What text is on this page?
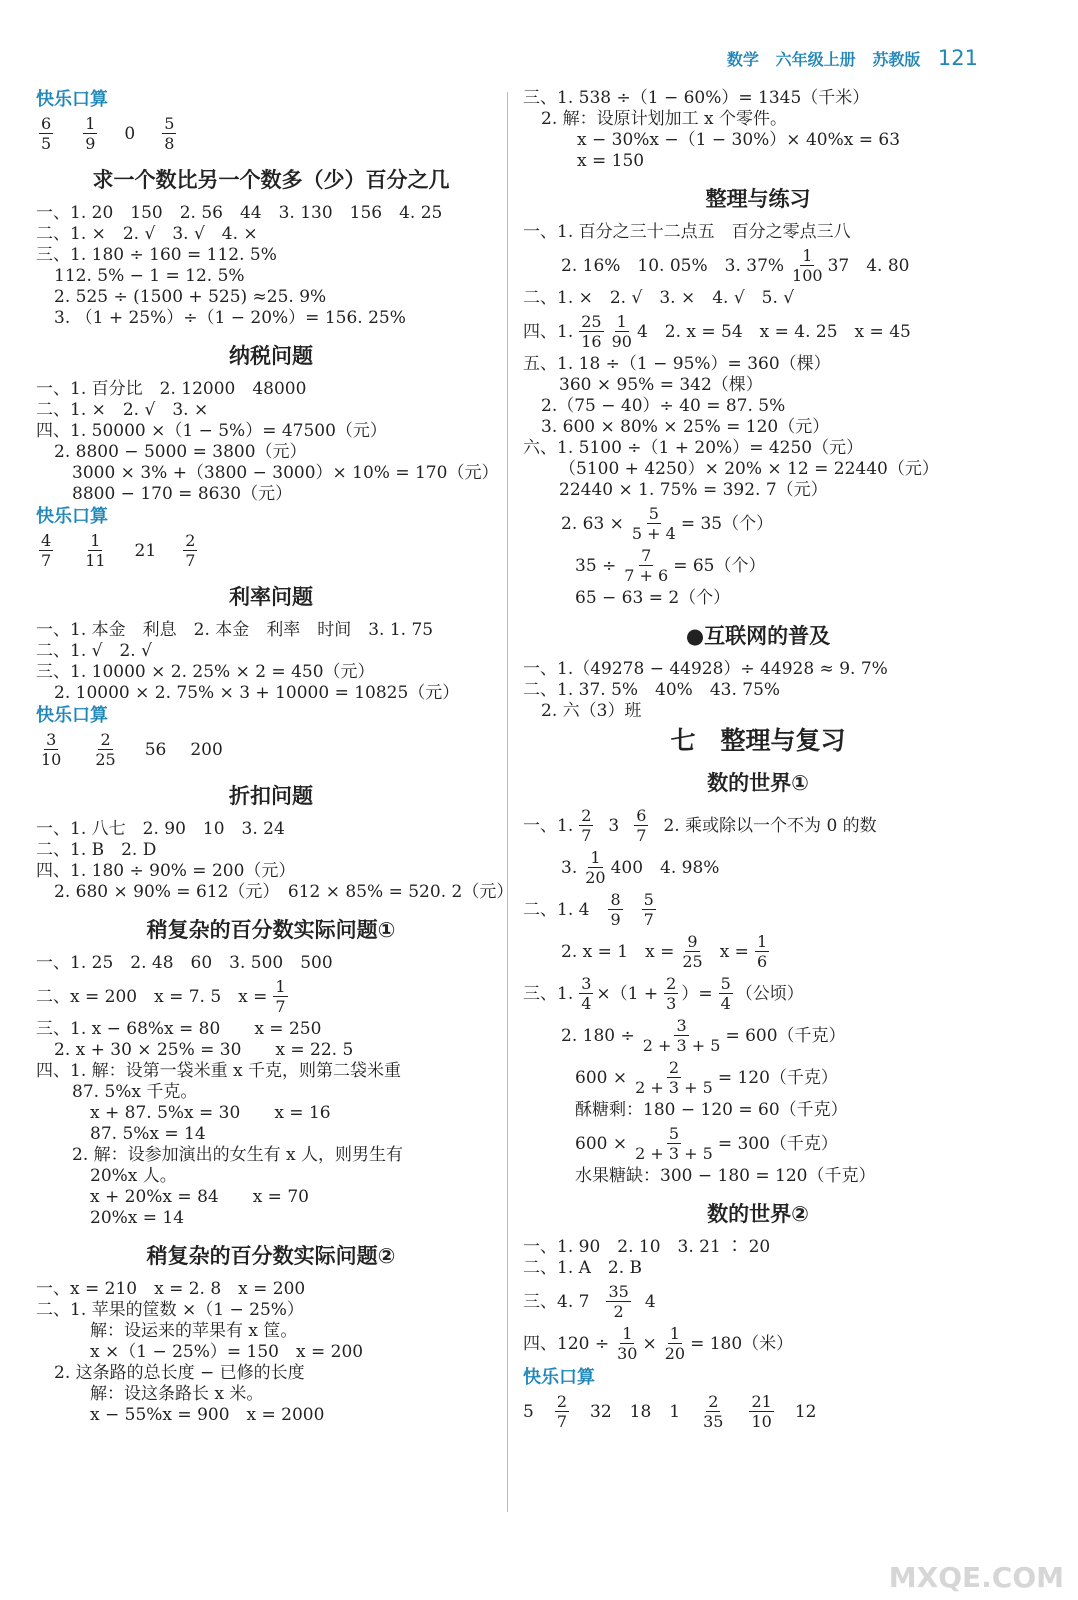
数学 六年级上册 苏教版 121
快乐口算
$\frac{6}{5} \frac{1}{9} 0 \frac{5}{8}$
求一个数比另一个数多（少）百分之几
一、1. 20　150　2. 56　44　3. 130　156　4. 25
二、1. ×　2. √　3. √　4. ×
三、1. 180 ÷ 160 = 112. 5%
112. 5% − 1 = 12. 5%
2. 525 ÷ (1500 + 525) ≈25. 9%
3. （1 + 25%）÷（1 − 20%）= 156. 25%
纳税问题
一、1. 百分比　2. 12000　48000
二、1. ×　2. √　3. ×
四、1. 50000 ×（1 − 5%）= 47500（元）
2. 8800 − 5000 = 3800（元）
3000 × 3% +（3800 − 3000）× 10% = 170（元）
8800 − 170 = 8630（元）
快乐口算
$\frac{4}{7} \frac{1}{11} 21 \frac{2}{7}$
利率问题
一、1. 本金　利息　2. 本金　利率　时间　3. 1. 75
二、1. √　2. √
三、1. 10000 × 2. 25% × 2 = 450（元）
2. 10000 × 2. 75% × 3 + 10000 = 10825（元）
快乐口算
$\frac{3}{10} \frac{2}{25} 56$ 200
折扣问题
一、1. 八七　2. 90　10　3. 24
二、1. B　2. D
四、1. 180 ÷ 90% = 200（元）
2. 680 × 90% = 612（元）　612 × 85% = 520. 2（元）
稍复杂的百分数实际问题①
一、1. 25　2. 48　60　3. 500　500
二、x = 200　x = 7. 5　$x = \frac{1}{7}$
三、1. x − 68%x = 80　　x = 250
2. x + 30 × 25% = 30　　x = 22. 5
四、1. 解：设第一袋米重 x 千克，则第二袋米重
87. 5%x 千克。
x + 87. 5%x = 30　　x = 16
87. 5%x = 14
2. 解：设参加演出的女生有 x 人，则男生有
20%x 人。
x + 20%x = 84　　x = 70
20%x = 14
稍复杂的百分数实际问题②
一、x = 210　x = 2. 8　x = 200
二、1. 苹果的筐数 ×（1 − 25%）
解：设运来的苹果有 x 筐。
x ×（1 − 25%）= 150　x = 200
2. 这条路的总长度 − 已修的长度
解：设这条路长 x 米。
x − 55%x = 900　x = 2000
三、1. 538 ÷（1 − 60%）= 1345（千米）
2. 解：设原计划加工 x 个零件。
x − 30%x −（1 − 30%）× 40%x = 63
x = 150
整理与练习
一、1. 百分之三十二点五　百分之零点三八
2. 16%　10. 05%　3. $37\% \frac{1}{100} 37$　4. 80
二、1. ×　2. √　3. ×　4. √　5. √
四、1. $\frac{25}{16} \frac{1}{90} 4$　2. x = 54　x = 4. 25　x = 45
五、1. 18 ÷（1 − 95%）= 360（棵）
360 × 95% = 342（棵）
2.（75 − 40）÷ 40 = 87. 5%
3. 600 × 80% × 25% = 120（元）
六、1. 5100 ÷（1 + 20%）= 4250（元）
（5100 + 4250）× 20% × 12 = 22440（元）
22440 × 1. 75% = 392. 7（元）
2. $63 \times \frac{5}{5 + 4} = 35$（个）
$35 \div \frac{7}{7 + 6} = 65$（个）
65 − 63 = 2（个）
●互联网的普及
一、1.（49278 − 44928）÷ 44928 ≈ 9. 7%
二、1. 37. 5%　40%　43. 75%
2. 六（3）班
七　整理与复习
数的世界①
一、1. $\frac{2}{7} 3 \frac{6}{7} 2$. 乘或除以一个不为 0 的数
3. $\frac{1}{20} 400$　4. 98%
二、1. $4 \frac{8}{9} \frac{5}{7}$
2. x = 1　$x = \frac{9}{25}$ $x = \frac{1}{6}$
三、1. $\frac{3}{4} \times(1 + \frac{2}{3}$ ）= $\frac{5}{4}$ （公顷）
2. $180 \div \frac{3}{2 + 3 + 5} = 600$（千克）
$600 \times \frac{2}{2 + 3 + 5} = 120$（千克）
酥糖剩：180 − 120 = 60（千克）
$600 \times \frac{5}{2 + 3 + 5} = 300$（千克）
水果糖缺：300 − 180 = 120（千克）
数的世界②
一、1. 90　2. 10　3. 21 ∶ 20
二、1. A　2. B
三、4. $7 \frac{35}{2} 4$
四、$120 \div \frac{1}{30} \times \frac{1}{20} = 180$（米）
快乐口算
$5 \frac{2}{7} 32$ 18 $1 \frac{2}{35} \frac{21}{10} 12$
MXQE.COM
